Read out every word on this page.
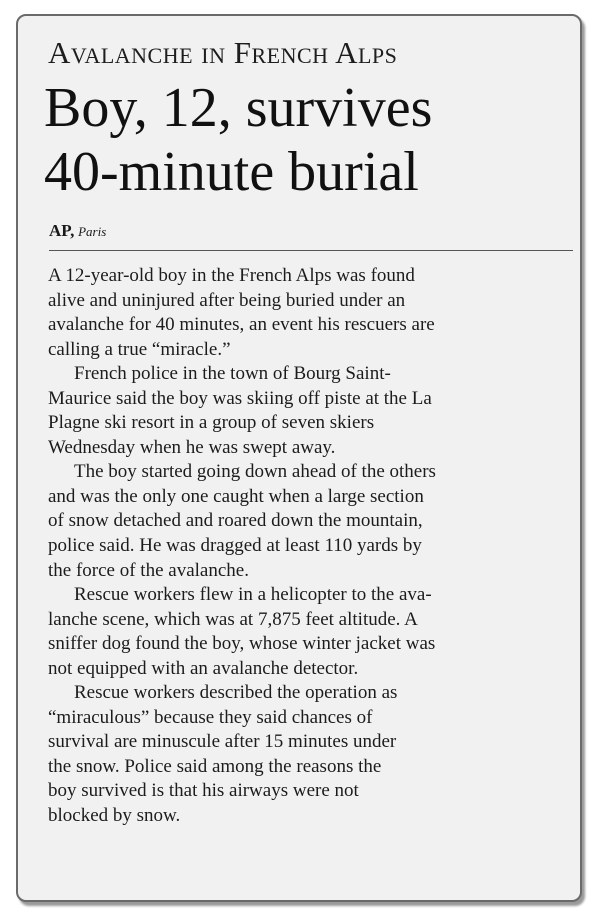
Avalanche in French Alps
Boy, 12, survives
40-minute burial
AP, Paris
A 12-year-old boy in the French Alps was found
alive and uninjured after being buried under an
avalanche for 40 minutes, an event his rescuers are
calling a true “miracle.”
French police in the town of Bourg Saint-
Maurice said the boy was skiing off piste at the La
Plagne ski resort in a group of seven skiers
Wednesday when he was swept away.
The boy started going down ahead of the others
and was the only one caught when a large section
of snow detached and roared down the mountain,
police said. He was dragged at least 110 yards by
the force of the avalanche.
Rescue workers flew in a helicopter to the ava-
lanche scene, which was at 7,875 feet altitude. A
sniffer dog found the boy, whose winter jacket was
not equipped with an avalanche detector.
Rescue workers described the operation as
“miraculous” because they said chances of
survival are minuscule after 15 minutes under
the snow. Police said among the reasons the
boy survived is that his airways were not
blocked by snow.
